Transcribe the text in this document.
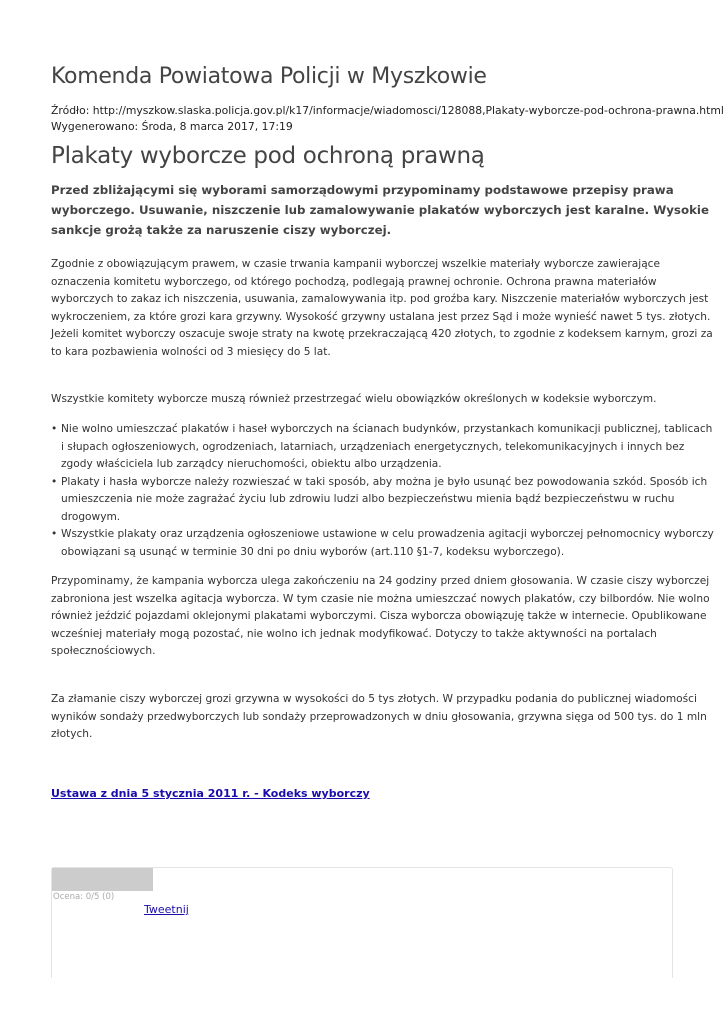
Komenda Powiatowa Policji w Myszkowie
Źródło: http://myszkow.slaska.policja.gov.pl/k17/informacje/wiadomosci/128088,Plakaty-wyborcze-pod-ochrona-prawna.html
Wygenerowano: Środa, 8 marca 2017, 17:19
Plakaty wyborcze pod ochroną prawną
Przed zbliżającymi się wyborami samorządowymi przypominamy podstawowe przepisy prawa
wyborczego. Usuwanie, niszczenie lub zamalowywanie plakatów wyborczych jest karalne. Wysokie
sankcje grożą także za naruszenie ciszy wyborczej.
Zgodnie z obowiązującym prawem, w czasie trwania kampanii wyborczej wszelkie materiały wyborcze zawierające
oznaczenia komitetu wyborczego, od którego pochodzą, podlegają prawnej ochronie. Ochrona prawna materiałów
wyborczych to zakaz ich niszczenia, usuwania, zamalowywania itp. pod groźba kary. Niszczenie materiałów wyborczych jest
wykroczeniem, za które grozi kara grzywny. Wysokość grzywny ustalana jest przez Sąd i może wynieść nawet 5 tys. złotych.
Jeżeli komitet wyborczy oszacuje swoje straty na kwotę przekraczającą 420 złotych, to zgodnie z kodeksem karnym, grozi za
to kara pozbawienia wolności od 3 miesięcy do 5 lat.
Wszystkie komitety wyborcze muszą również przestrzegać wielu obowiązków określonych w kodeksie wyborczym.
• Nie wolno umieszczać plakatów i haseł wyborczych na ścianach budynków, przystankach komunikacji publicznej, tablicach
i słupach ogłoszeniowych, ogrodzeniach, latarniach, urządzeniach energetycznych, telekomunikacyjnych i innych bez
zgody właściciela lub zarządcy nieruchomości, obiektu albo urządzenia.
• Plakaty i hasła wyborcze należy rozwieszać w taki sposób, aby można je było usunąć bez powodowania szkód. Sposób ich
umieszczenia nie może zagrażać życiu lub zdrowiu ludzi albo bezpieczeństwu mienia bądź bezpieczeństwu w ruchu
drogowym.
• Wszystkie plakaty oraz urządzenia ogłoszeniowe ustawione w celu prowadzenia agitacji wyborczej pełnomocnicy wyborczy
obowiązani są usunąć w terminie 30 dni po dniu wyborów (art.110 §1-7, kodeksu wyborczego).
Przypominamy, że kampania wyborcza ulega zakończeniu na 24 godziny przed dniem głosowania. W czasie ciszy wyborczej
zabroniona jest wszelka agitacja wyborcza. W tym czasie nie można umieszczać nowych plakatów, czy bilbordów. Nie wolno
również jeździć pojazdami oklejonymi plakatami wyborczymi. Cisza wyborcza obowiązuję także w internecie. Opublikowane
wcześniej materiały mogą pozostać, nie wolno ich jednak modyfikować. Dotyczy to także aktywności na portalach
społecznościowych.
Za złamanie ciszy wyborczej grozi grzywna w wysokości do 5 tys złotych. W przypadku podania do publicznej wiadomości
wyników sondaży przedwyborczych lub sondaży przeprowadzonych w dniu głosowania, grzywna sięga od 500 tys. do 1 mln
złotych.
Ustawa z dnia 5 stycznia 2011 r. - Kodeks wyborczy
Ocena: 0/5 (0)
Tweetnij
